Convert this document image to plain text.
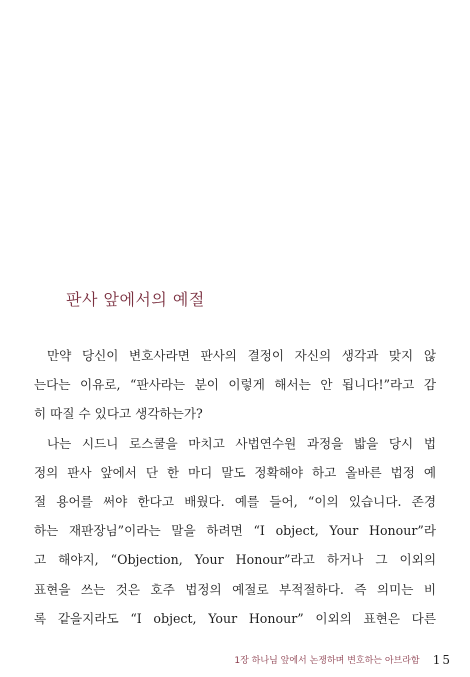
판사 앞에서의 예절
만약 당신이 변호사라면 판사의 결정이 자신의 생각과 맞지 않
는다는 이유로, “판사라는 분이 이렇게 해서는 안 됩니다!”라고 감
히 따질 수 있다고 생각하는가?
나는 시드니 로스쿨을 마치고 사법연수원 과정을 밟을 당시 법
정의 판사 앞에서 단 한 마디 말도 정확해야 하고 올바른 법정 예
절 용어를 써야 한다고 배웠다. 예를 들어, “이의 있습니다. 존경
하는 재판장님”이라는 말을 하려면 “I object, Your Honour”라
고 해야지, “Objection, Your Honour”라고 하거나 그 이외의
표현을 쓰는 것은 호주 법정의 예절로 부적절하다. 즉 의미는 비
록 같을지라도 “I object, Your Honour” 이외의 표현은 다른
1장 하나님 앞에서 논쟁하며 변호하는 아브라함 15
